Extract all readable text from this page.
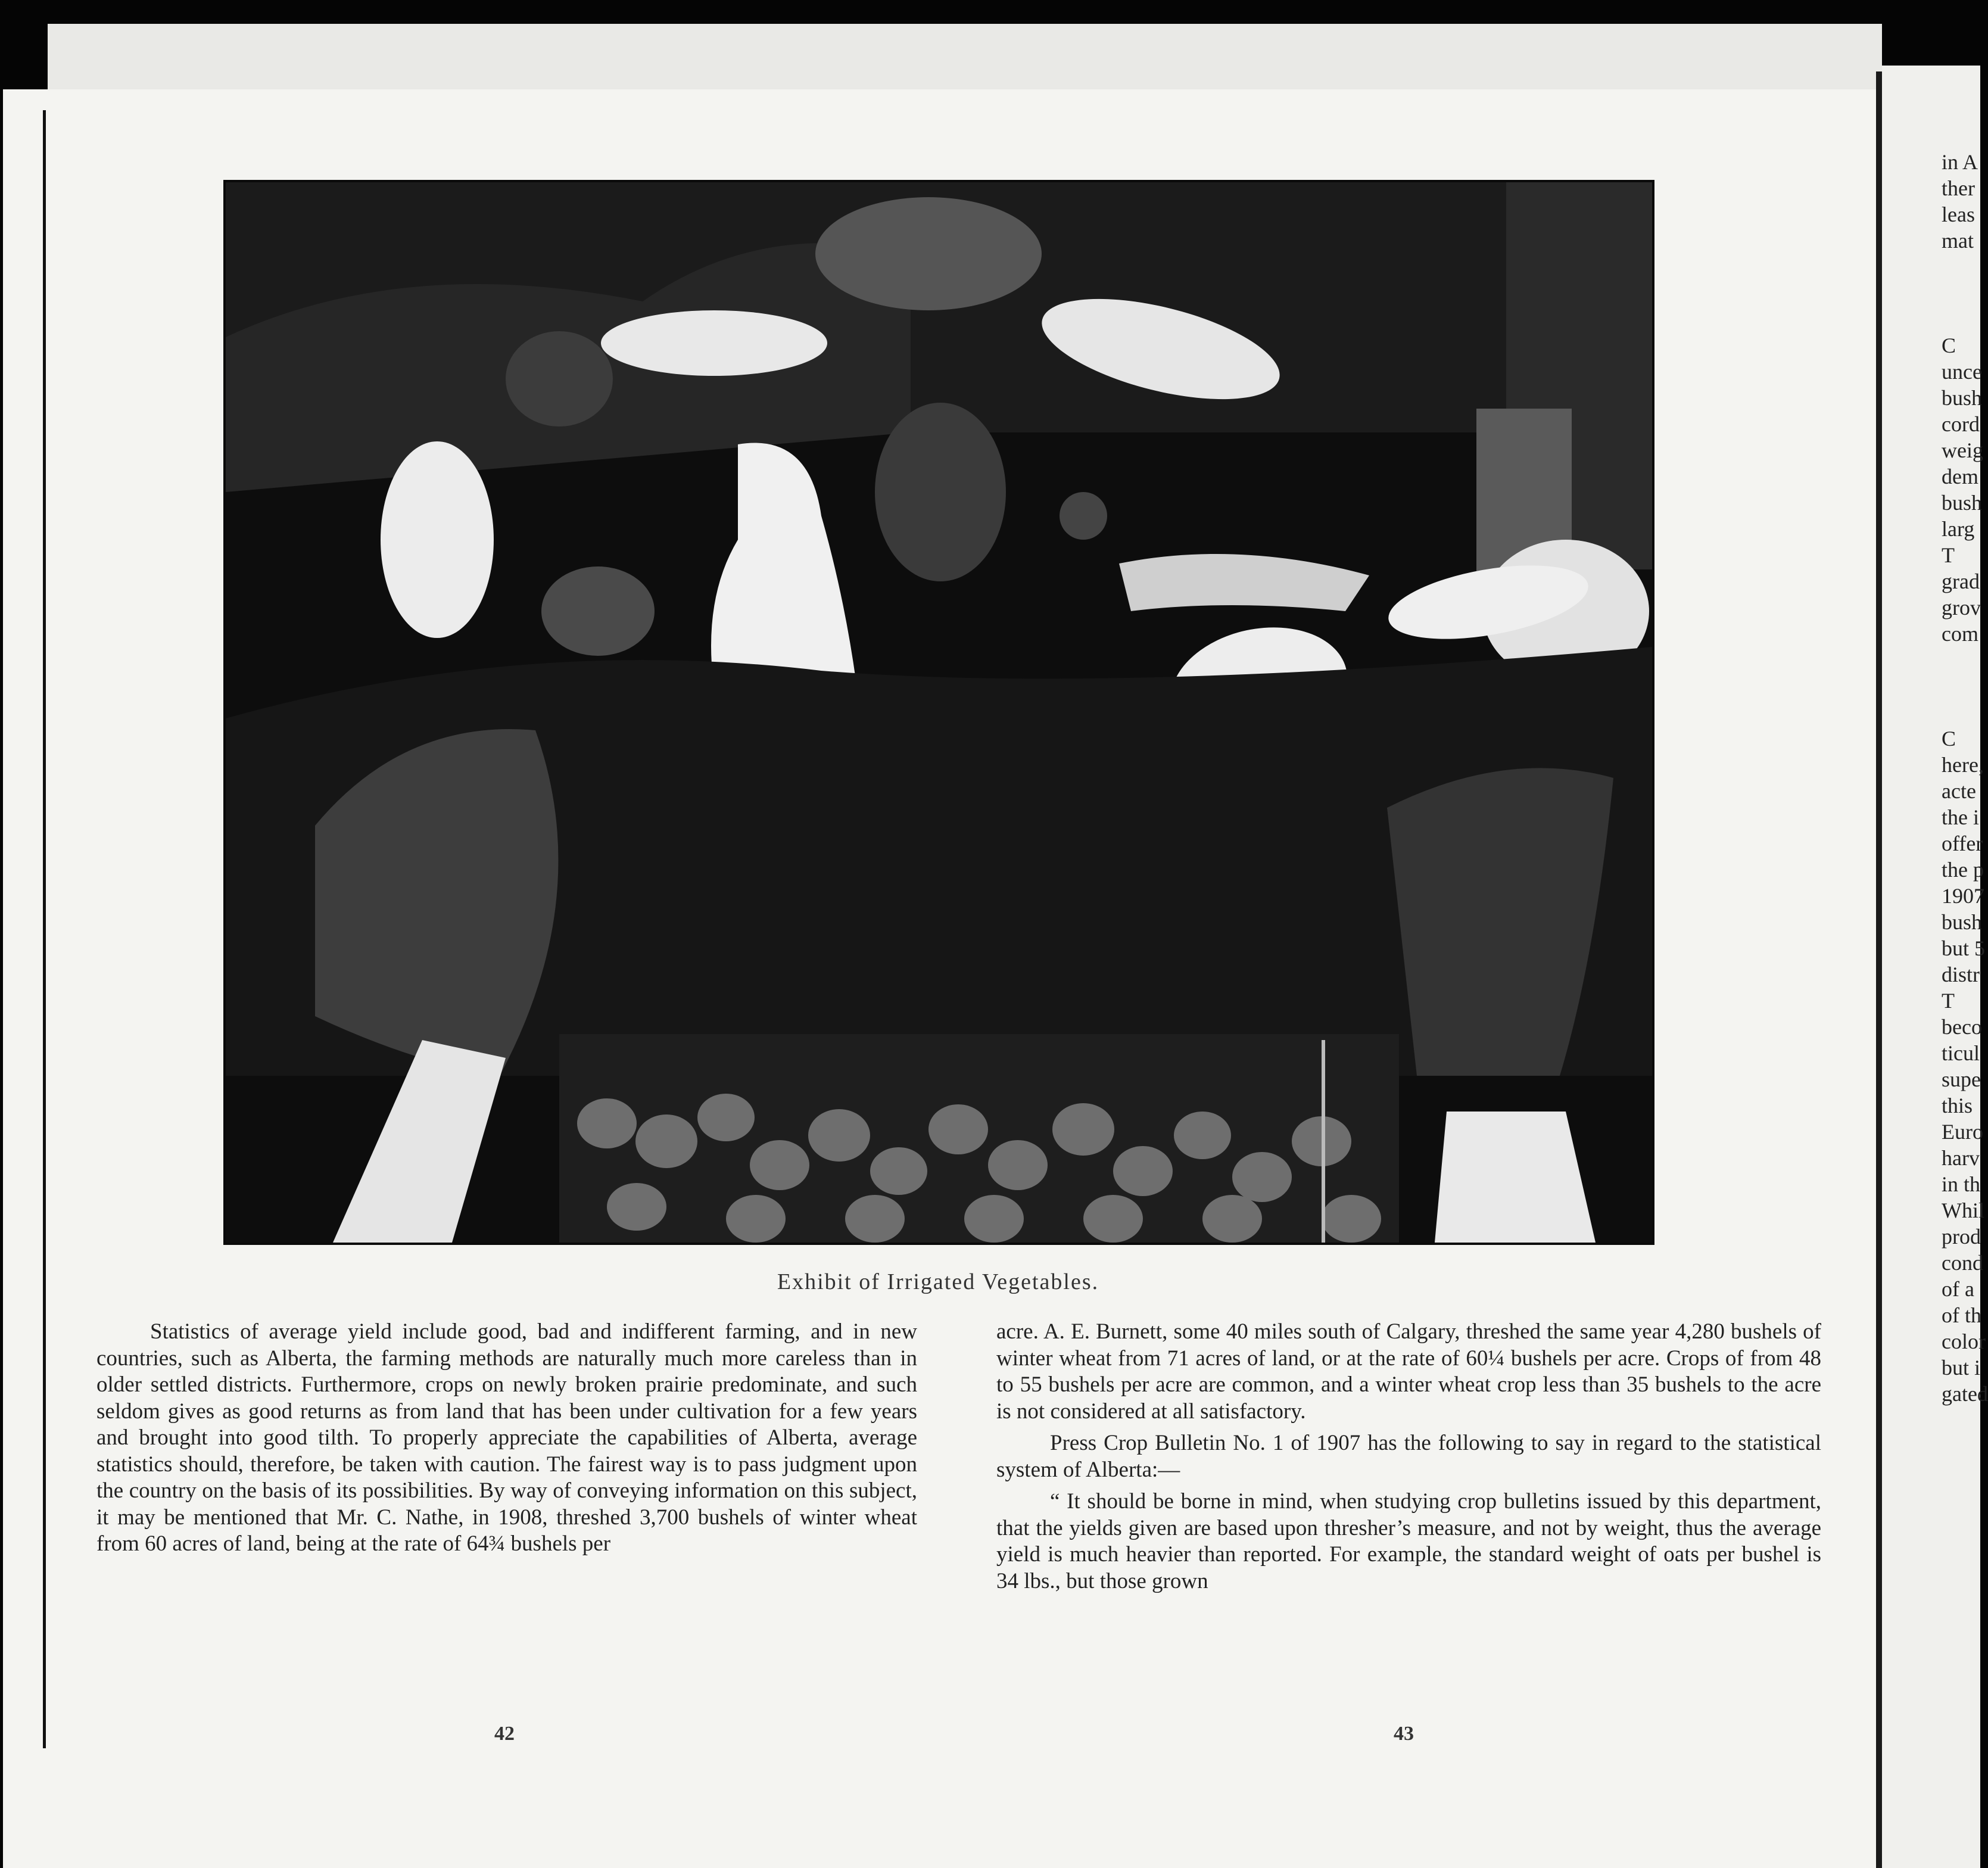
Exhibit of Irrigated Vegetables.

Statistics of average yield include good, bad and indifferent farming, and in new countries, such as Alberta, the farming methods are naturally much more careless than in older settled districts. Furthermore, crops on newly broken prairie predominate, and such seldom gives as good returns as from land that has been under cultivation for a few years and brought into good tilth. To properly appreciate the capabilities of Alberta, average statistics should, therefore, be taken with caution. The fairest way is to pass judgment upon the country on the basis of its possibilities. By way of conveying information on this subject, it may be mentioned that Mr. C. Nathe, in 1908, threshed 3,700 bushels of winter wheat from 60 acres of land, being at the rate of 64¾ bushels per

42

acre. A. E. Burnett, some 40 miles south of Calgary, threshed the same year 4,280 bushels of winter wheat from 71 acres of land, or at the rate of 60¼ bushels per acre. Crops of from 48 to 55 bushels per acre are common, and a winter wheat crop less than 35 bushels to the acre is not considered at all satisfactory.

Press Crop Bulletin No. 1 of 1907 has the following to say in regard to the statistical system of Alberta:—

“ It should be borne in mind, when studying crop bulletins issued by this department, that the yields given are based upon thresher’s measure, and not by weight, thus the average yield is much heavier than reported. For example, the standard weight of oats per bushel is 34 lbs., but those grown

43
in A
ther
leas
mat
C
unce
bush
cord
weig
dem
bush
larg
T
grad
grov
com
C
here,
acte
the i
offer
the p
1907
bush
but 5
distr
T
beco
ticul
supe
this
Euro
harv
in th
Whil
prod
cond
of a
of th
color
but i
gated
